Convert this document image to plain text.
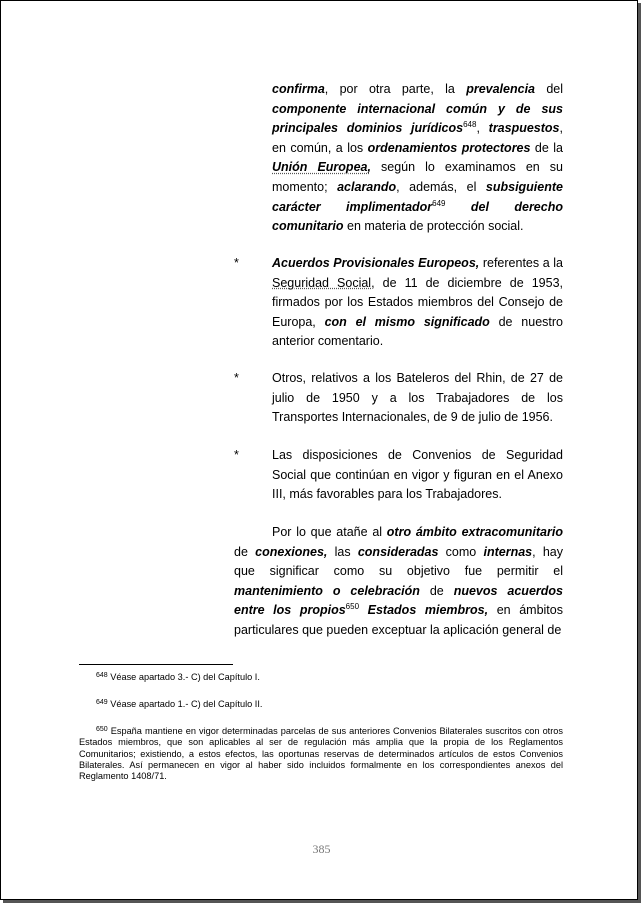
confirma, por otra parte, la prevalencia del componente internacional común y de sus principales dominios jurídicos$^{648}$, traspuestos, en común, a los ordenamientos protectores de la Unión Europea, según lo examinamos en su momento; aclarando, además, el subsiguiente carácter implimentador$^{649}$ del derecho comunitario en materia de protección social.
*	Acuerdos Provisionales Europeos, referentes a la Seguridad Social, de 11 de diciembre de 1953, firmados por los Estados miembros del Consejo de Europa, con el mismo significado de nuestro anterior comentario.
*	Otros, relativos a los Bateleros del Rhin, de 27 de julio de 1950 y a los Trabajadores de los Transportes Internacionales, de 9 de julio de 1956.
*	Las disposiciones de Convenios de Seguridad Social que continúan en vigor y figuran en el Anexo III, más favorables para los Trabajadores.
Por lo que atañe al otro ámbito extracomunitario de conexiones, las consideradas como internas, hay que significar como su objetivo fue permitir el mantenimiento o celebración de nuevos acuerdos entre los propios$^{650}$ Estados miembros, en ámbitos particulares que pueden exceptuar la aplicación general de
$^{648}$ Véase apartado 3.- C) del Capítulo I.
$^{649}$ Véase apartado 1.- C) del Capítulo II.
$^{650}$ España mantiene en vigor determinadas parcelas de sus anteriores Convenios Bilaterales suscritos con otros Estados miembros, que son aplicables al ser de regulación más amplia que la propia de los Reglamentos Comunitarios; existiendo, a estos efectos, las oportunas reservas de determinados artículos de estos Convenios Bilaterales. Así permanecen en vigor al haber sido incluidos formalmente en los correspondientes anexos del Reglamento 1408/71.
385
